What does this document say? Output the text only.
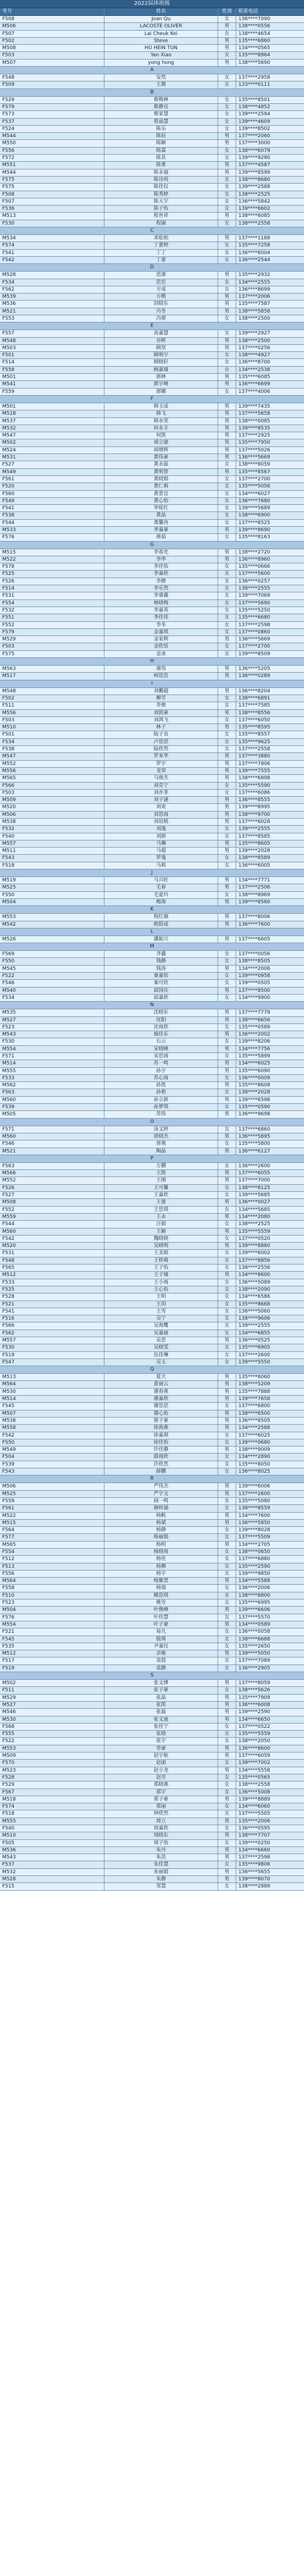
2022届体班级
考号	姓名	性别	联系电话
F508	Joan Qu	女	136****7090
M506	LACOSTE OLIVER	男	138****0556
F507	Lai Cheuk Kei	女	138****4654
F502	Steve	男	135****6860
M508	HO HEIN TUN	男	134****0565
F503	Yan Xiao	女	135****8964
M507	yong hong	男	138****5690
A
F548	安然	女	137****2958
F509	王微	女	133****0111
B
F529	蔡梅林	女	135****8501
F579	蔡静宜	女	138****4852
F573	蔡家慧	女	139****2594
F537	曾晶慧	女	139****4609
F524	陈乐	女	139****8502
M544	陈辰	男	137****2060
M550	陈颖	男	137****3000
F556	陈霖	女	138****6079
F572	陈其	女	139****9290
M551	陈勇	男	137****4587
M544	陈永福	男	139****8599
F575	陈诗玥	女	138****8680
F575	陈佳仪	女	139****2588
F508	陈秀婷	女	138****2525
F507	陈大宇	女	136****5842
F536	陈子怡	女	139****6602
M513	程世祥	男	138****6085
F530	程淑	女	138****2558
C
M534	邓松柏	男	137****1188
F574	丁蕾婷	女	135****7258
F541	丁丁	女	136****6004
F542	丁蕾	女	136****2544
D
M528	范康	男	135****2932
F534	范宏	女	134****2555
F562	方成	女	136****8699
M539	方楷	男	137****2006
M536	封晓东	男	135****7587
M521	冯冬	男	138****5858
F553	冯倩	女	138****2500
E
F557	高嘉慧	女	139****2927
M548	谷晖	男	138****2500
M503	顾坚	男	137****0256
F501	顾明宇	女	138****4927
F514	顾晓轩	女	136****8700
F558	顾嘉瑜	女	134****2538
M501	郭林	男	135****6085
M541	郭宇峰	男	136****6699
F559	郭娜	女	137****4006
F
M501	韩玉成	男	139****7435
M518	韩飞	男	137****5658
M537	韩水荣	男	138****0085
M532	何永丰	男	139****8535
M547	何凯	男	137****2925
M502	胡立康	男	135****7950
M524	胡增辉	男	137****5026
M531	黄伟豪	男	136****5669
F527	黄永磊	女	138****8059
M549	黄明智	男	135****8567
F561	黄晓娟	女	137****2700
F520	黄仁莉	女	135****5056
F560	黄景宜	女	134****6027
F549	黄心怡	女	136****7680
F541	华桂红	女	139****5689
F538	黄晶	女	138****6900
F544	黄馨冉	女	137****8525
M533	季嘉豪	男	139****8690
F576	蒋茹	女	135****8163
G
M515	李春光	男	138****2720
M522	李华	男	136****8960
F578	李佳怡	女	135****0666
F525	李嘉欣	女	137****5600
F526	李静	女	136****0257
F514	李乐然	女	138****2555
F531	李睿鑫	女	139****7069
F554	林晓梅	女	137****5690
F532	李嘉英	女	135****5250
F551	李佳伟	女	135****6680
F552	李冬	女	137****2598
F579	金嘉琪	女	137****0860
M529	金家辉	男	136****5669
F503	金欣恬	女	137****2700
F575	金冰	女	139****8509
H
M563	康伟	男	136****5205
M517	柯思浩	男	136****0289
I
M548	刘鹏超	男	136****8204
F502	柳芳	女	138****6891
F511	李俊	女	137****7585
M556	刘凯豪	男	138****8556
F503	刘鸿飞	女	137****6050
M510	林子	男	135****8595
F501	陆子良	女	135****8557
F534	卢思思	女	135****9625
F538	陆欣然	女	137****2558
M547	罗来华	男	137****3880
M552	罗宇	男	137****7806
M556	龙荣	男	139****7555
M565	马俊杰	男	138****6898
F566	刘克宁	女	135****5590
F503	刘亦菲	女	137****6086
M509	刘子涵	男	136****8555
M520	刘欢	男	139****8995
M506	刘思雨	男	138****9700
M538	刘语嫣	男	137****6028
F532	刘逸	女	139****2555
F540	刘妍	女	137****8585
M557	马琳	男	135****8605
M511	马超	男	139****2028
F543	罗逸	女	138****8589
F518	马莉	女	136****6005
J
M519	马兴旺	男	134****7771
M525	毛春	男	137****2506
F550	毛爱玲	女	138****8969
M504	梅海	男	139****8560
K
M553	倪红旗	男	137****8006
M542	欧阳成	男	136****7600
L
M526	潘振兴	男	137****6605
M
F569	齐鑫	女	137****0056
F550	钱静	女	138****8505
M545	钱涛	男	134****2006
F522	秦嘉怡	女	139****0958
F546	秦可欣	女	139****0505
M540	邱国庆	男	137****8500
F534	邱嘉欣	女	134****9900
N
M535	沈晓东	男	137****7779
M527	沈阳	男	138****6656
F523	沈雨欣	女	135****0589
M543	施佳乐	男	136****2002
F530	石云	女	139****8206
M554	宋晓峰	男	134****7756
F571	宋思雨	女	135****5899
M514	苏一鸣	男	134****6025
M555	孙宇	男	135****6090
F533	苏心雨	女	136****0009
M562	孙凯	男	135****8608
F563	孙艳	女	138****2028
M560	孙立新	男	139****6598
F539	孙梦琪	女	135****0590
M505	苏伟	男	136****9698
O
F571	汤文婷	女	137****6860
M560	唐晓杰	男	136****5895
F546	唐燕	女	135****5800
M521	陶晶	男	136****6127
P
F563	万鹏	女	136****2600
M566	王凯	男	137****6055
M552	王刚	男	137****7000
F526	王可馨	女	138****8125
F527	王嘉欣	女	139****5685
M508	王蕾	男	136****0027
F552	王思琪	女	134****5685
M559	王永	男	134****2080
F544	汪娟	女	138****2525
M560	王颖	男	135****5559
F542	魏晓晓	女	137****0520
M520	吴晓明	男	139****8880
F531	王美娟	女	139****6002
F548	王梓萌	女	137****8856
F565	王子怡	女	138****2556
M512	王子瑜	男	134****8600
F533	王小雨	女	136****5089
F525	王心怡	女	138****2090
F528	王明	女	134****6586
F521	王玥	女	135****8668
F541	王雪	女	136****5060
F516	吴宁	女	138****9606
F566	吴海鹰	女	139****2555
F562	吴嘉丽	女	134****6855
M557	吴思	男	136****0525
F530	吴晓雯	女	135****6905
F519	伍佳琳	女	137****2600
F547	吴玉	女	139****5550
Q
M513	夏天	男	135****6060
M564	夏丽云	男	138****5209
M530	谢春燕	男	135****7888
M514	谢嘉欣	男	139****7658
F545	谢思思	女	137****6800
M507	谢心怡	男	138****6500
M538	熊子豪	男	136****8505
M558	徐海燕	男	134****2588
F542	徐嘉祺	女	137****6025
F550	徐佳怡	女	139****0680
M549	许佳静	男	138****9009
F504	薛雨欣	女	134****2890
F539	许欣然	女	135****8050
F543	薛鹏	女	136****8025
R
M506	严伟杰	男	139****6006
M525	严宇文	男	137****2600
F559	阎一鸣	女	135****5080
F561	颜梓涵	女	138****8559
M522	杨帆	男	134****7600
M515	杨斌	男	136****5850
F564	杨静	女	139****8028
F577	杨丽娟	女	137****5509
M565	杨明	男	134****2705
F554	杨晓雨	女	138****0650
F512	杨佳	女	137****6880
F513	杨柳	女	135****2590
F556	杨宇	女	139****9850
M564	杨紫萱	男	134****5588
F558	杨瑞	女	136****2006
F510	姚思琪	女	138****8800
F523	姚雪	女	135****6995
M504	叶俊峰	男	139****6606
F576	叶佳慧	女	137****5570
M554	叶子豪	男	134****0589
F521	易凡	女	136****0058
F545	殷琪	女	138****6688
F535	尹嘉仪	女	135****2650
M512	余敏	男	139****5050
F517	袁晨	女	137****7089
F519	袁静	女	136****2905
S
M502	张文博	男	137****8059
F511	张子豪	女	138****5626
M529	张晶	男	135****7909
M527	张凯	男	136****6008
M546	张磊	男	139****2590
M530	张文迪	男	134****6650
F568	张佳宁	女	137****0522
F555	张晓	女	135****5559
F522	张宇	女	138****2050
M553	章豪	男	136****8600
M509	赵宇航	男	137****6059
F570	赵丽	女	139****7002
M523	赵小龙	男	134****5558
F528	赵雪	女	135****0565
F529	郑晓燕	女	138****2558
F567	郑宇	女	136****5008
M518	郑子豪	男	139****8889
F574	郑丽	女	134****6060
F518	钟欣然	女	137****5505
M555	周立	男	135****2006
F540	周嘉欣	女	136****0595
M510	周晓东	男	138****7707
F505	周子怡	女	139****0250
M536	朱丹	男	134****6660
M543	朱浩	男	137****2598
F537	朱佳慧	女	135****9806
M532	朱丽娟	男	136****5655
M528	朱静	男	139****8070
F515	邹慧	女	138****2889
